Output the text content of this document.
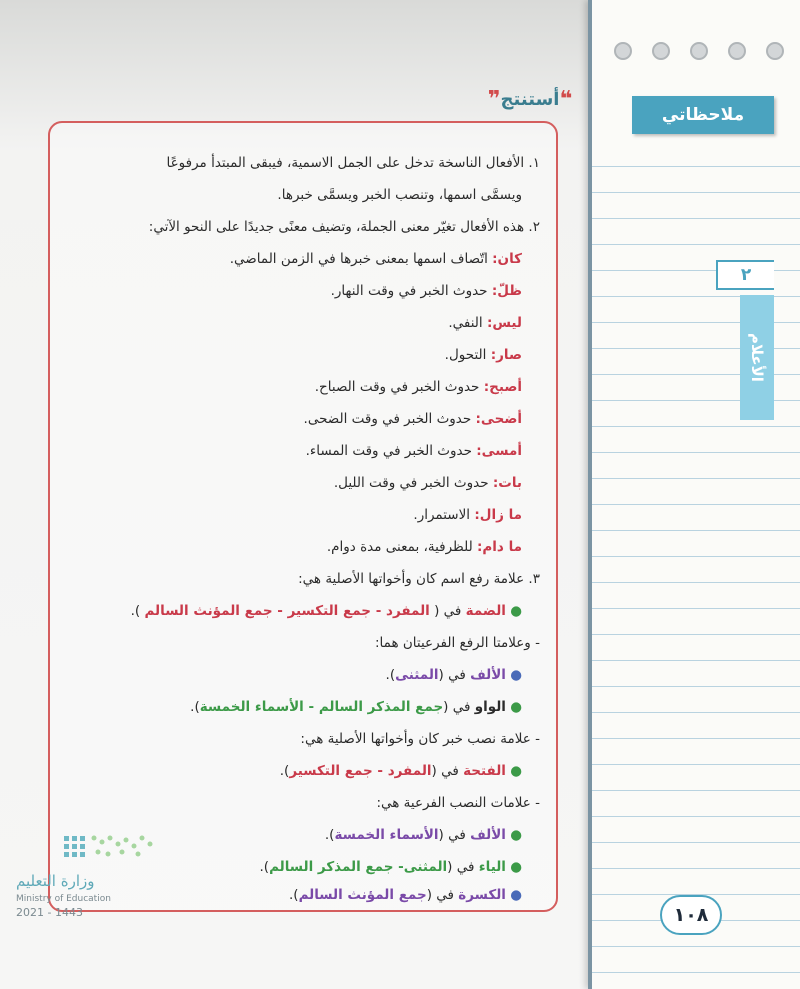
ملاحظاتي
٢
الأعلام
١٠٨
❝
أستنتج
❞
١. الأفعال الناسخة تدخل على الجمل الاسمية، فيبقى المبتدأ مرفوعًا
ويسمَّى اسمها، وتنصب الخبر ويسمَّى خبرها.
٢. هذه الأفعال تغيّر معنى الجملة، وتضيف معنًى جديدًا على النحو الآتي:
كان: اتّصاف اسمها بمعنى خبرها في الزمن الماضي.
ظلّ: حدوث الخبر في وقت النهار.
ليس: النفي.
صار: التحول.
أصبح: حدوث الخبر في وقت الصباح.
أضحى: حدوث الخبر في وقت الضحى.
أمسى: حدوث الخبر في وقت المساء.
بات: حدوث الخبر في وقت الليل.
ما زال: الاستمرار.
ما دام: للظرفية، بمعنى مدة دوام.
٣. علامة رفع اسم كان وأخواتها الأصلية هي:
● الضمة في ( المفرد - جمع التكسير - جمع المؤنث السالم ).
- وعلامتا الرفع الفرعيتان هما:
● الألف في (المثنى).
● الواو في (جمع المذكر السالم - الأسماء الخمسة).
- علامة نصب خبر كان وأخواتها الأصلية هي:
● الفتحة في (المفرد - جمع التكسير).
- علامات النصب الفرعية هي:
● الألف في (الأسماء الخمسة).
● الياء في (المثنى- جمع المذكر السالم).
● الكسرة في (جمع المؤنث السالم).
وزارة التعليم
Ministry of Education
2021 - 1443
